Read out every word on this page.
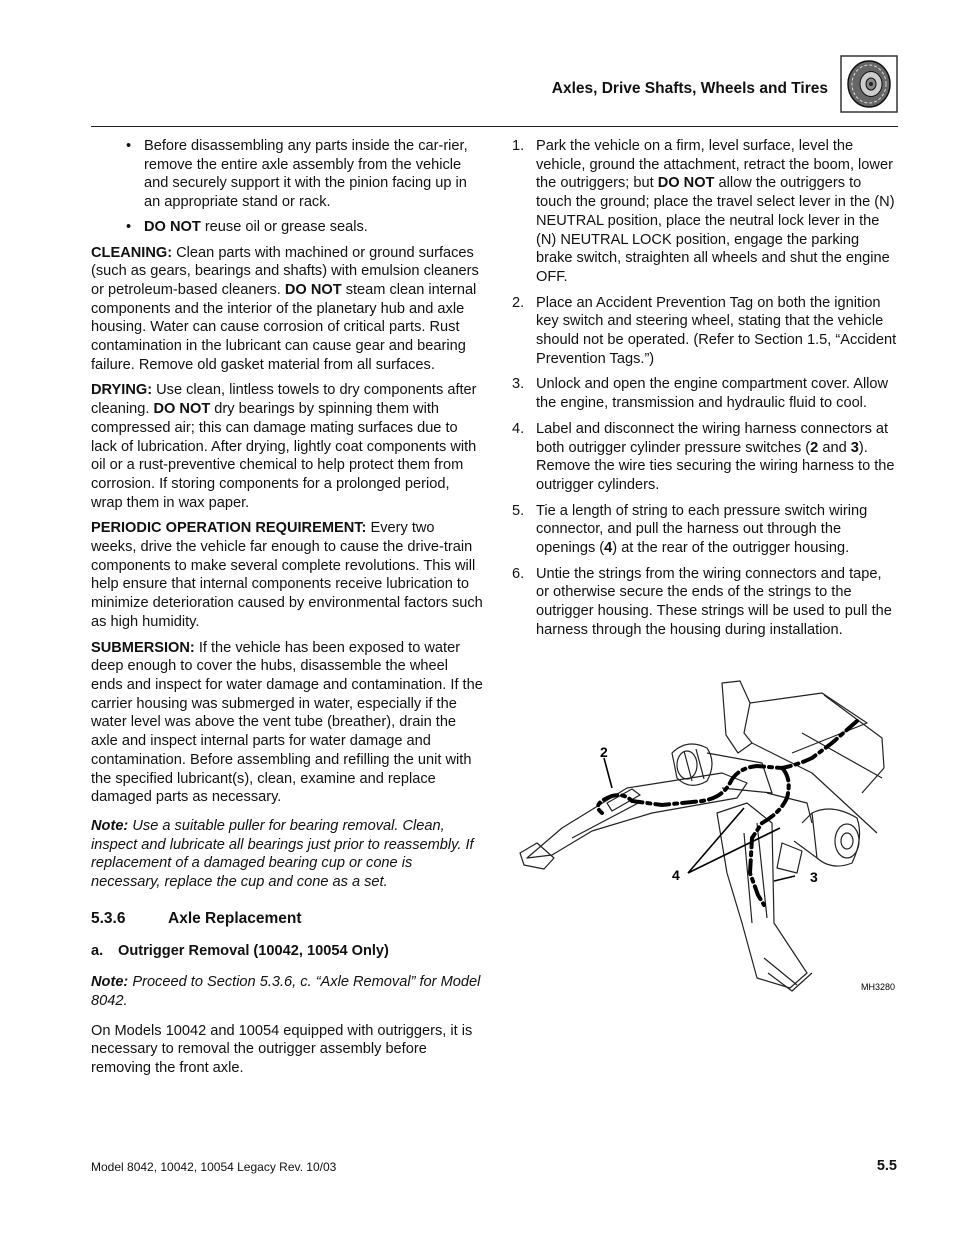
Axles, Drive Shafts, Wheels and Tires
• Before disassembling any parts inside the car-rier, remove the entire axle assembly from the vehicle and securely support it with the pinion facing up in an appropriate stand or rack.
• DO NOT reuse oil or grease seals.

CLEANING: Clean parts with machined or ground surfaces (such as gears, bearings and shafts) with emulsion cleaners or petroleum-based cleaners. DO NOT steam clean internal components and the interior of the planetary hub and axle housing. Water can cause corrosion of critical parts. Rust contamination in the lubricant can cause gear and bearing failure. Remove old gasket material from all surfaces.

DRYING: Use clean, lintless towels to dry components after cleaning. DO NOT dry bearings by spinning them with compressed air; this can damage mating surfaces due to lack of lubrication. After drying, lightly coat components with oil or a rust-preventive chemical to help protect them from corrosion. If storing components for a prolonged period, wrap them in wax paper.

PERIODIC OPERATION REQUIREMENT: Every two weeks, drive the vehicle far enough to cause the drive-train components to make several complete revolutions. This will help ensure that internal components receive lubrication to minimize deterioration caused by environmental factors such as high humidity.

SUBMERSION: If the vehicle has been exposed to water deep enough to cover the hubs, disassemble the wheel ends and inspect for water damage and contamination. If the carrier housing was submerged in water, especially if the water level was above the vent tube (breather), drain the axle and inspect internal parts for water damage and contamination. Before assembling and refilling the unit with the specified lubricant(s), clean, examine and replace damaged parts as necessary.

Note: Use a suitable puller for bearing removal. Clean, inspect and lubricate all bearings just prior to reassembly. If replacement of a damaged bearing cup or cone is necessary, replace the cup and cone as a set.

5.3.6	Axle Replacement
a. Outrigger Removal (10042, 10054 Only)

Note: Proceed to Section 5.3.6, c. “Axle Removal” for Model 8042.

On Models 10042 and 10054 equipped with outriggers, it is necessary to removal the outrigger assembly before removing the front axle.

1. Park the vehicle on a firm, level surface, level the vehicle, ground the attachment, retract the boom, lower the outriggers; but DO NOT allow the outriggers to touch the ground; place the travel select lever in the (N) NEUTRAL position, place the neutral lock lever in the (N) NEUTRAL LOCK position, engage the parking brake switch, straighten all wheels and shut the engine OFF.
2. Place an Accident Prevention Tag on both the ignition key switch and steering wheel, stating that the vehicle should not be operated. (Refer to Section 1.5, “Accident Prevention Tags.”)
3. Unlock and open the engine compartment cover. Allow the engine, transmission and hydraulic fluid to cool.
4. Label and disconnect the wiring harness connectors at both outrigger cylinder pressure switches (2 and 3). Remove the wire ties securing the wiring harness to the outrigger cylinders.
5. Tie a length of string to each pressure switch wiring connector, and pull the harness out through the openings (4) at the rear of the outrigger housing.
6. Untie the strings from the wiring connectors and tape, or otherwise secure the ends of the strings to the outrigger housing. These strings will be used to pull the harness through the housing during installation.
2
3
4
MH3280
Model 8042, 10042, 10054 Legacy Rev. 10/03	5.5
